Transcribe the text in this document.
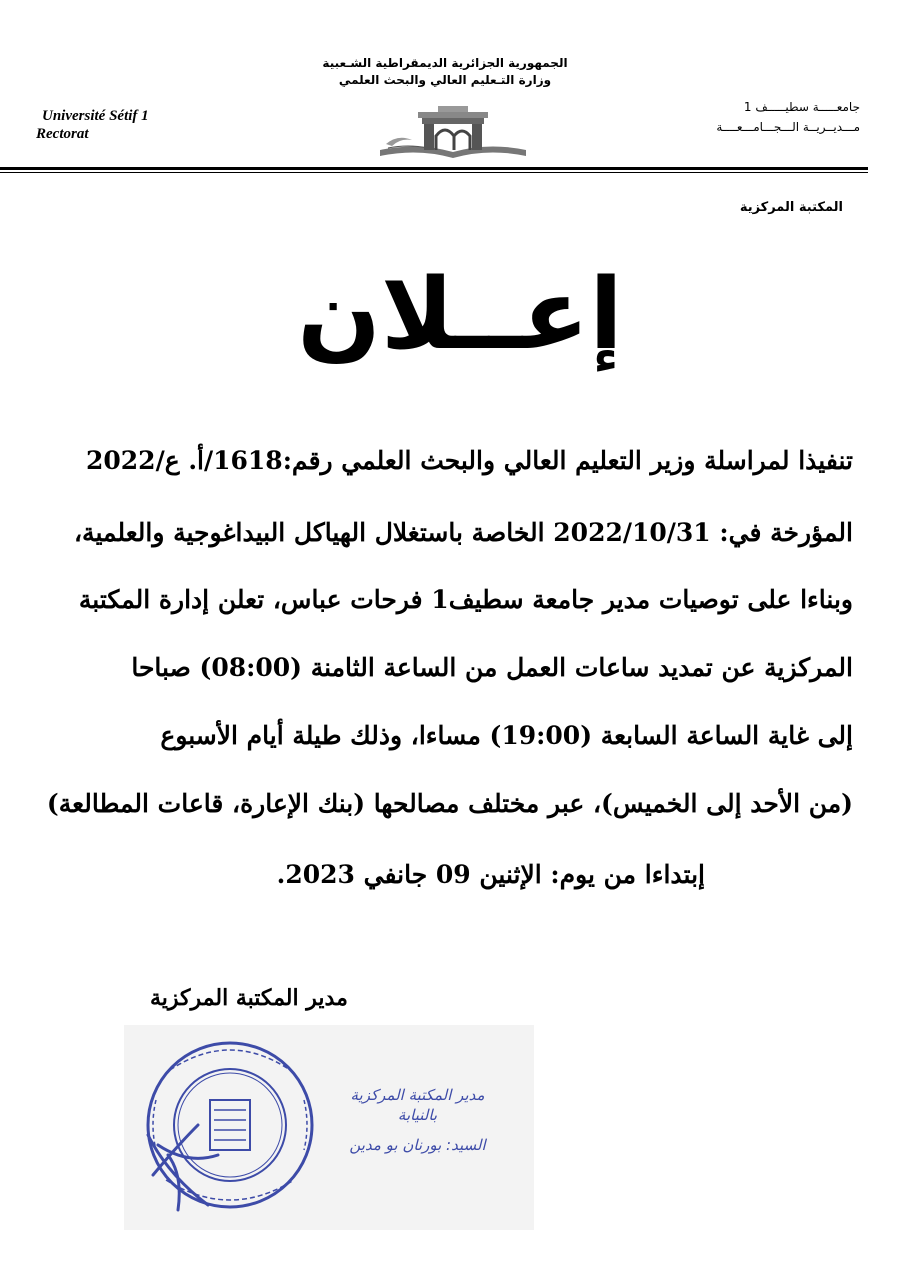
الجمهورية الجزائرية الديمقراطية الشـعبية
وزارة التـعليم العالي والبحث العلمي
Université Sétif 1
Rectorat
جامعـــــة سطيـــــف 1
مـــديــريــة الـــجـــامـــعــــة
المكتبة المركزية
إعــلان
تنفيذا لمراسلة وزير التعليم العالي والبحث العلمي رقم:1618/أ. ع/2022
المؤرخة في: 2022/10/31 الخاصة باستغلال الهياكل البيداغوجية والعلمية،
وبناءا على توصيات مدير جامعة سطيف1 فرحات عباس، تعلن إدارة المكتبة
المركزية عن تمديد ساعات العمل من الساعة الثامنة (08:00) صباحا
إلى غاية الساعة السابعة (19:00) مساءا، وذلك طيلة أيام الأسبوع
(من الأحد إلى الخميس)، عبر مختلف مصالحها (بنك الإعارة، قاعات المطالعة)
إبتداءا من يوم: الإثنين 09 جانفي 2023.
مدير المكتبة المركزية
مدير المكتبة المركزية
بالنيابة
السيد: بورنان بو مدين
